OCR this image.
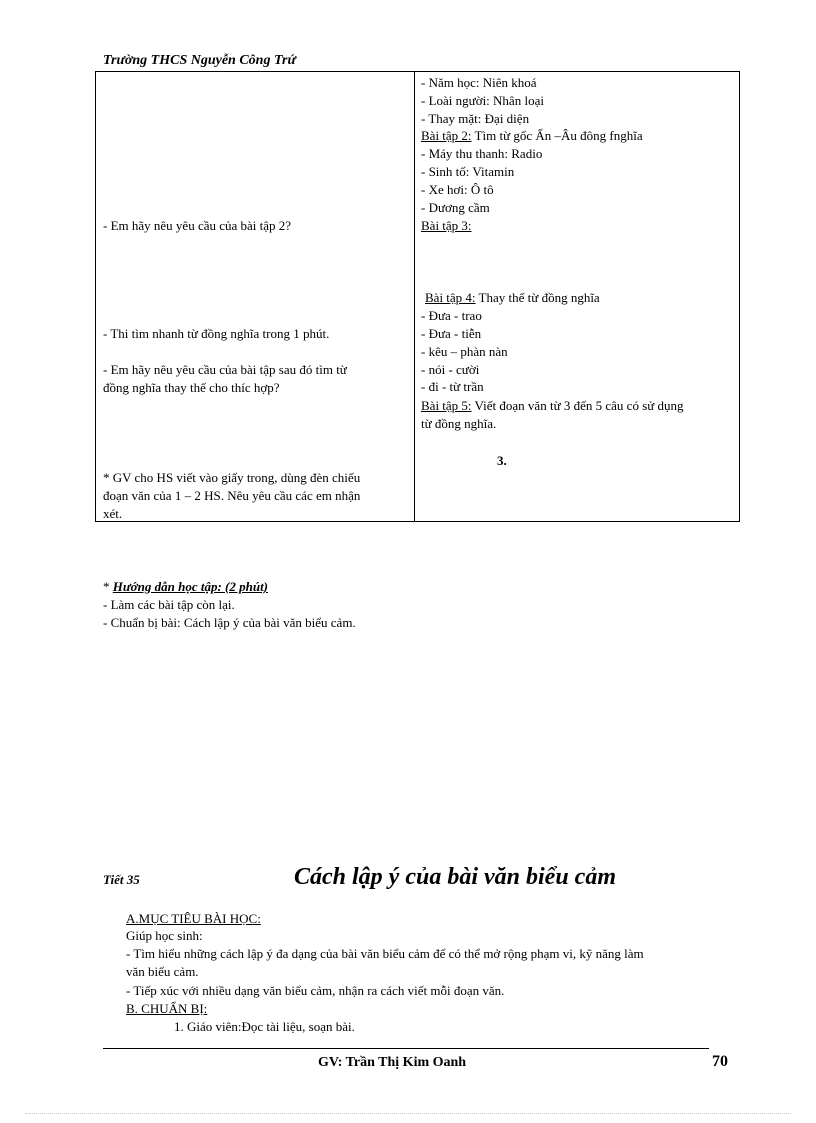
Trường THCS Nguyễn Công Trứ
- Em hãy nêu yêu cầu của bài tập 2?
- Thi tìm nhanh từ đồng nghĩa trong 1 phút.
- Em hãy nêu yêu cầu của bài tập sau đó tìm từ
đồng nghĩa thay thế cho thíc hợp?
* GV cho HS viết vào giấy trong, dùng đèn chiếu
đoạn văn của 1 – 2 HS. Nêu yêu cầu các em nhận
xét.
- Năm học: Niên khoá
- Loài người: Nhân loại
- Thay mặt: Đại diện
Bài tập 2: Tìm từ gốc Ấn –Âu đông fnghĩa
- Máy thu thanh: Radio
- Sinh tố: Vitamin
- Xe hơi: Ô tô
- Dương cầm
Bài tập 3:
Bài tập 4: Thay thế từ đồng nghĩa
- Đưa - trao
- Đưa - tiễn
- kêu – phàn nàn
- nói - cười
- đi - từ trần
Bài tập 5: Viết đoạn văn từ 3 đến 5 câu có sử dụng
từ đồng nghĩa.
3.
* Hướng dẫn học tập: (2 phút)
- Làm các bài tập còn lại.
- Chuẩn bị bài: Cách lập ý của bài văn biểu cảm.
Tiết 35	Cách lập ý của bài văn biểu cảm
A.MỤC TIÊU BÀI HỌC:
Giúp học sinh:
- Tìm hiểu những cách lập ý đa dạng của bài văn biểu cảm để có thể mở rộng phạm vi, kỹ năng làm
văn biểu cảm.
- Tiếp xúc với nhiều dạng văn biểu cảm, nhận ra cách viết mỗi đoạn văn.
B. CHUẨN BỊ:
1. Giáo viên:Đọc tài liệu, soạn bài.
GV: Trần Thị Kim Oanh	70
